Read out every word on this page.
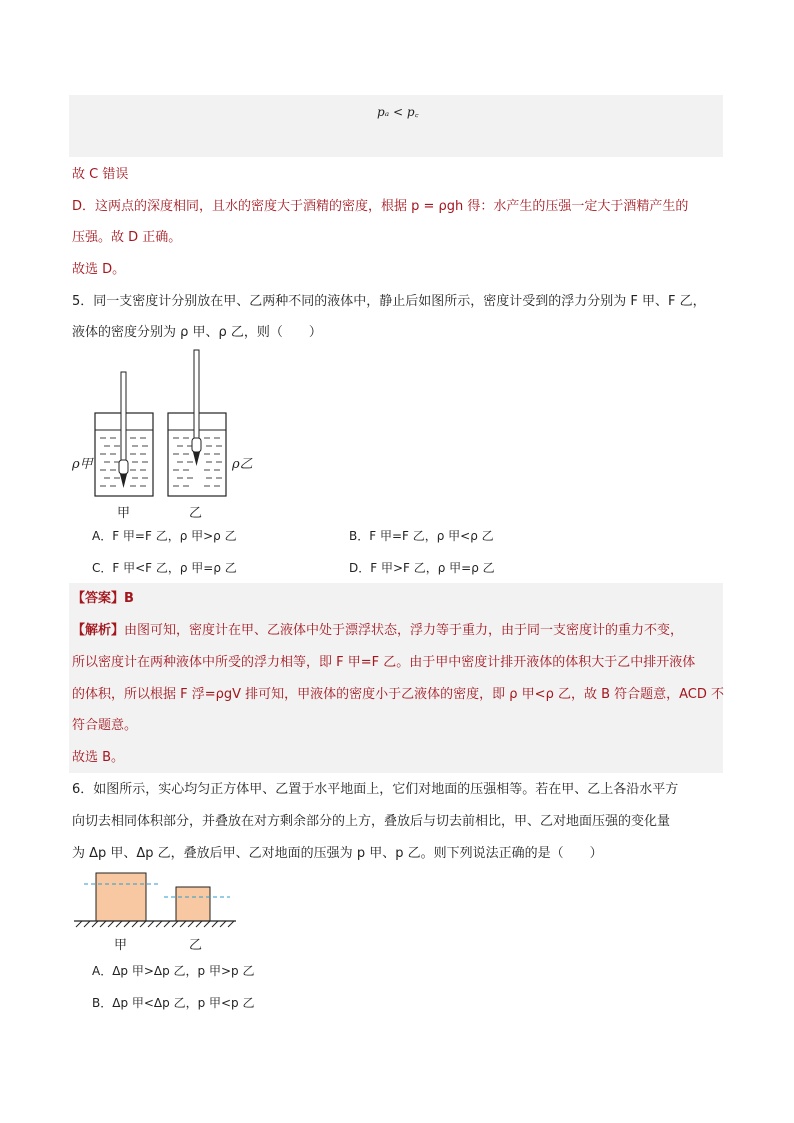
pₐ < p꜀
故 C 错误
D．这两点的深度相同，且水的密度大于酒精的密度，根据 p = ρgh 得：水产生的压强一定大于酒精产生的
压强。故 D 正确。
故选 D。
5．同一支密度计分别放在甲、乙两种不同的液体中，静止后如图所示，密度计受到的浮力分别为 F 甲、F 乙，
液体的密度分别为 ρ 甲、ρ 乙，则（　　）
ρ甲	ρ乙
甲	乙
A．F 甲=F 乙，ρ 甲>ρ 乙	B．F 甲=F 乙，ρ 甲<ρ 乙
C．F 甲<F 乙，ρ 甲=ρ 乙	D．F 甲>F 乙，ρ 甲=ρ 乙
【答案】B
【解析】由图可知，密度计在甲、乙液体中处于漂浮状态，浮力等于重力，由于同一支密度计的重力不变，
所以密度计在两种液体中所受的浮力相等，即 F 甲=F 乙。由于甲中密度计排开液体的体积大于乙中排开液体
的体积，所以根据 F 浮=ρgV 排可知，甲液体的密度小于乙液体的密度，即 ρ 甲<ρ 乙，故 B 符合题意，ACD 不
符合题意。
故选 B。
6．如图所示，实心均匀正方体甲、乙置于水平地面上，它们对地面的压强相等。若在甲、乙上各沿水平方
向切去相同体积部分，并叠放在对方剩余部分的上方，叠放后与切去前相比，甲、乙对地面压强的变化量
为 Δp 甲、Δp 乙，叠放后甲、乙对地面的压强为 p 甲、p 乙。则下列说法正确的是（　　）
甲	乙
A．Δp 甲>Δp 乙，p 甲>p 乙
B．Δp 甲<Δp 乙，p 甲<p 乙
